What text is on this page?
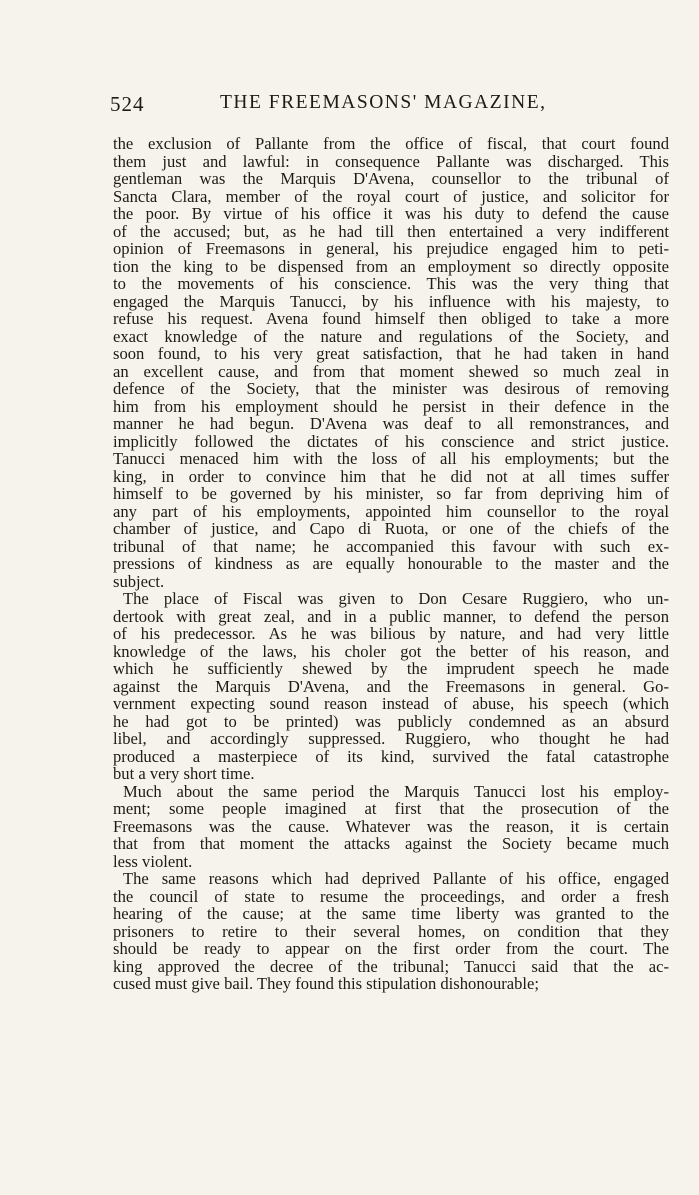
524	THE FREEMASONS' MAGAZINE,
the exclusion of Pallante from the office of fiscal, that court found
them just and lawful: in consequence Pallante was discharged. This
gentleman was the Marquis D'Avena, counsellor to the tribunal of
Sancta Clara, member of the royal court of justice, and solicitor for
the poor. By virtue of his office it was his duty to defend the cause
of the accused; but, as he had till then entertained a very indifferent
opinion of Freemasons in general, his prejudice engaged him to peti-
tion the king to be dispensed from an employment so directly opposite
to the movements of his conscience. This was the very thing that
engaged the Marquis Tanucci, by his influence with his majesty, to
refuse his request. Avena found himself then obliged to take a more
exact knowledge of the nature and regulations of the Society, and
soon found, to his very great satisfaction, that he had taken in hand
an excellent cause, and from that moment shewed so much zeal in
defence of the Society, that the minister was desirous of removing
him from his employment should he persist in their defence in the
manner he had begun. D'Avena was deaf to all remonstrances, and
implicitly followed the dictates of his conscience and strict justice.
Tanucci menaced him with the loss of all his employments; but the
king, in order to convince him that he did not at all times suffer
himself to be governed by his minister, so far from depriving him of
any part of his employments, appointed him counsellor to the royal
chamber of justice, and Capo di Ruota, or one of the chiefs of the
tribunal of that name; he accompanied this favour with such ex-
pressions of kindness as are equally honourable to the master and the
subject.
The place of Fiscal was given to Don Cesare Ruggiero, who un-
dertook with great zeal, and in a public manner, to defend the person
of his predecessor. As he was bilious by nature, and had very little
knowledge of the laws, his choler got the better of his reason, and
which he sufficiently shewed by the imprudent speech he made
against the Marquis D'Avena, and the Freemasons in general. Go-
vernment expecting sound reason instead of abuse, his speech (which
he had got to be printed) was publicly condemned as an absurd
libel, and accordingly suppressed. Ruggiero, who thought he had
produced a masterpiece of its kind, survived the fatal catastrophe
but a very short time.
Much about the same period the Marquis Tanucci lost his employ-
ment; some people imagined at first that the prosecution of the
Freemasons was the cause. Whatever was the reason, it is certain
that from that moment the attacks against the Society became much
less violent.
The same reasons which had deprived Pallante of his office, engaged
the council of state to resume the proceedings, and order a fresh
hearing of the cause; at the same time liberty was granted to the
prisoners to retire to their several homes, on condition that they
should be ready to appear on the first order from the court. The
king approved the decree of the tribunal; Tanucci said that the ac-
cused must give bail. They found this stipulation dishonourable;
